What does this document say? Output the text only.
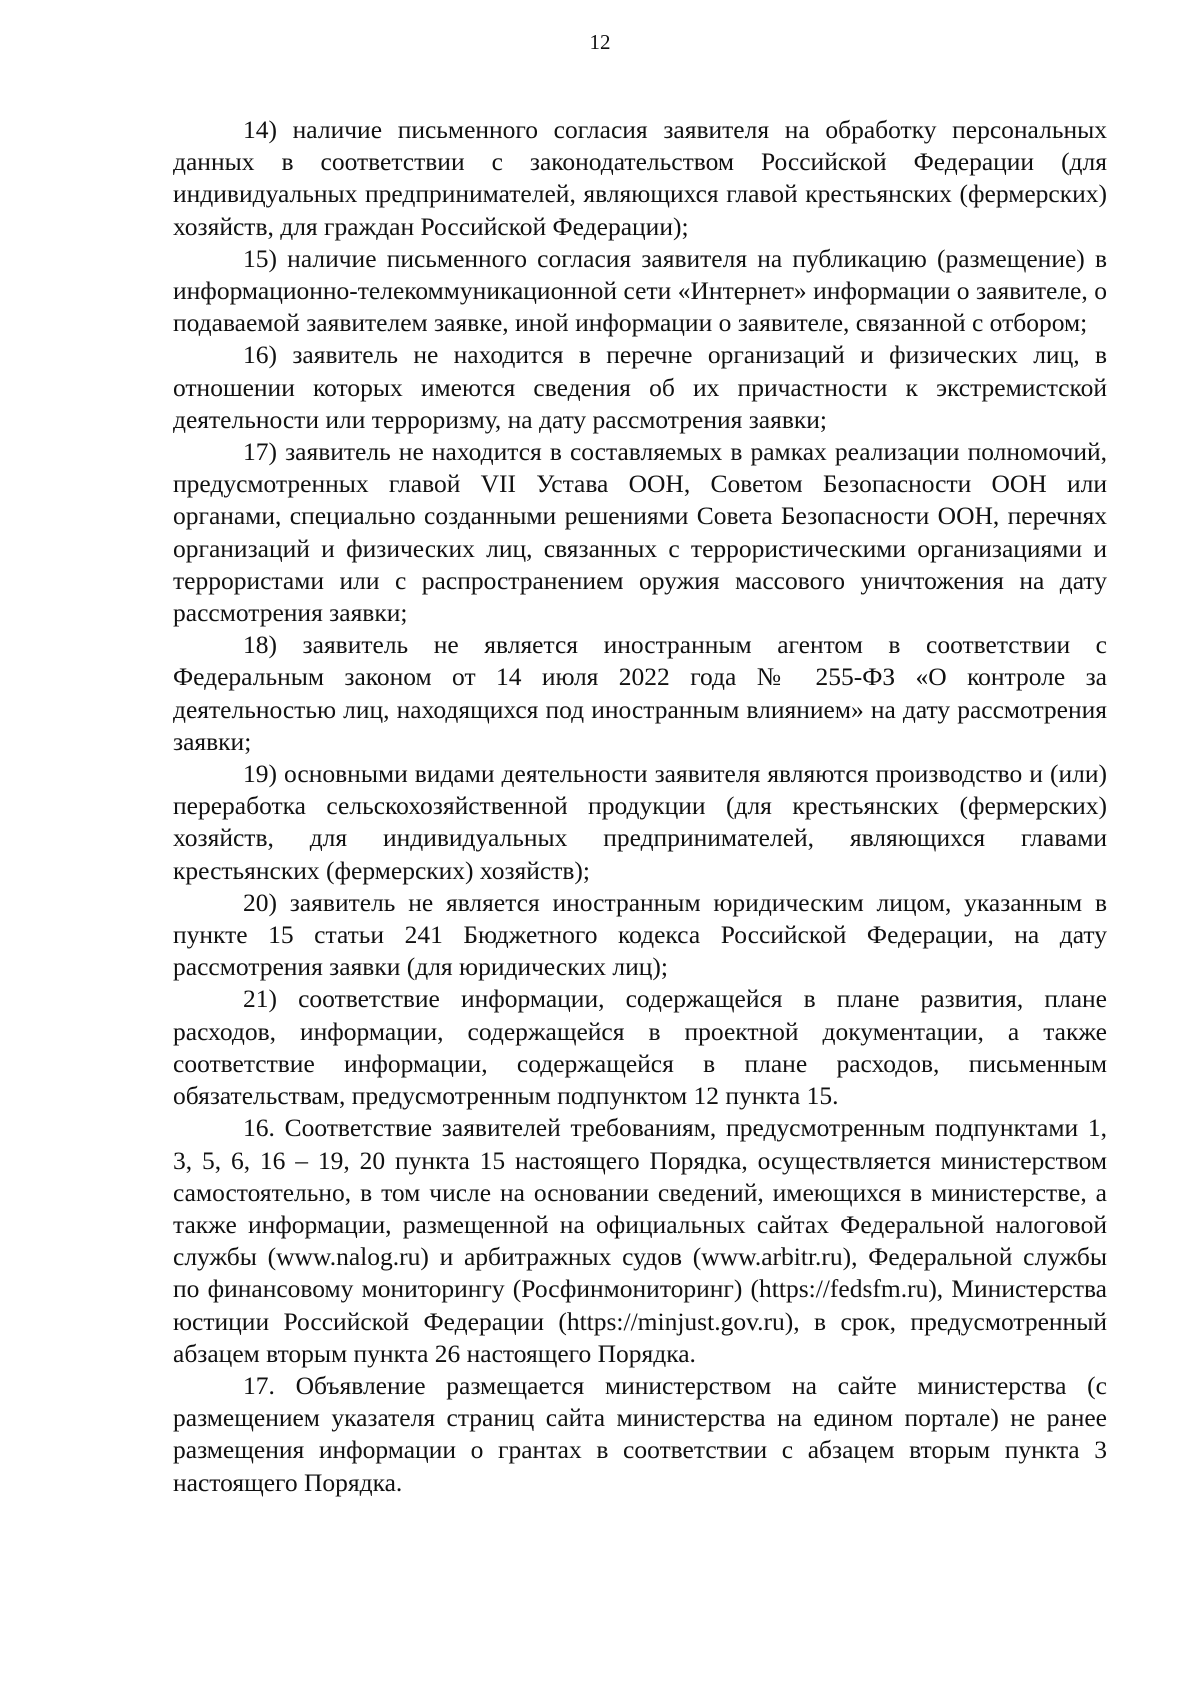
12

14) наличие письменного согласия заявителя на обработку персональных данных в соответствии с законодательством Российской Федерации (для индивидуальных предпринимателей, являющихся главой крестьянских (фермерских) хозяйств, для граждан Российской Федерации);

15) наличие письменного согласия заявителя на публикацию (размещение) в информационно-телекоммуникационной сети «Интернет» информации о заявителе, о подаваемой заявителем заявке, иной информации о заявителе, связанной с отбором;

16) заявитель не находится в перечне организаций и физических лиц, в отношении которых имеются сведения об их причастности к экстремистской деятельности или терроризму, на дату рассмотрения заявки;

17) заявитель не находится в составляемых в рамках реализации полномочий, предусмотренных главой VII Устава ООН, Советом Безопасности ООН или органами, специально созданными решениями Совета Безопасности ООН, перечнях организаций и физических лиц, связанных с террористическими организациями и террористами или с распространением оружия массового уничтожения на дату рассмотрения заявки;

18) заявитель не является иностранным агентом в соответствии с Федеральным законом от 14 июля 2022 года № 255-ФЗ «О контроле за деятельностью лиц, находящихся под иностранным влиянием» на дату рассмотрения заявки;

19) основными видами деятельности заявителя являются производство и (или) переработка сельскохозяйственной продукции (для крестьянских (фермерских) хозяйств, для индивидуальных предпринимателей, являющихся главами крестьянских (фермерских) хозяйств);

20) заявитель не является иностранным юридическим лицом, указанным в пункте 15 статьи 241 Бюджетного кодекса Российской Федерации, на дату рассмотрения заявки (для юридических лиц);

21) соответствие информации, содержащейся в плане развития, плане расходов, информации, содержащейся в проектной документации, а также соответствие информации, содержащейся в плане расходов, письменным обязательствам, предусмотренным подпунктом 12 пункта 15.

16. Соответствие заявителей требованиям, предусмотренным подпунктами 1, 3, 5, 6, 16 – 19, 20 пункта 15 настоящего Порядка, осуществляется министерством самостоятельно, в том числе на основании сведений, имеющихся в министерстве, а также информации, размещенной на официальных сайтах Федеральной налоговой службы (www.nalog.ru) и арбитражных судов (www.arbitr.ru), Федеральной службы по финансовому мониторингу (Росфинмониторинг) (https://fedsfm.ru), Министерства юстиции Российской Федерации (https://minjust.gov.ru), в срок, предусмотренный абзацем вторым пункта 26 настоящего Порядка.

17. Объявление размещается министерством на сайте министерства (с размещением указателя страниц сайта министерства на едином портале) не ранее размещения информации о грантах в соответствии с абзацем вторым пункта 3 настоящего Порядка.
